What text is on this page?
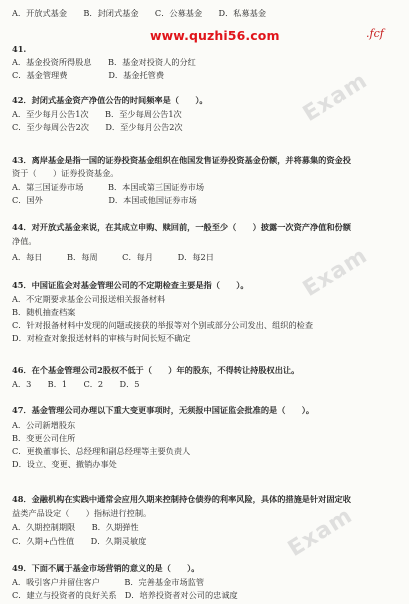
Exam
Exam
Exam
A．开放式基金　　B．封闭式基金　　C．公募基金　　D．私募基金
www.quzhi56.com	.fcf
41.
A．基金投资所得股息　　B．基金对投资人的分红
C．基金管理费　　　　　D．基金托管费
42．封闭式基金资产净值公告的时间频率是（　　）。
A．至少每月公告1次　　B．至少每周公告1次
C．至少每周公告2次　　D．至少每月公告2次
43．离岸基金是指一国的证券投资基金组织在他国发售证券投资基金份额，并将募集的资金投
资于（　　）证券投资基金。
A．第三国证券市场　　　B．本国或第三国证券市场
C．国外　　　　　　　　D．本国或他国证券市场
44．对开放式基金来说，在其成立申购、赎回前，一般至少（　　）披露一次资产净值和份额
净值。
A．每日　　　B．每周　　　C．每月　　　D．每2日
45．中国证监会对基金管理公司的不定期检查主要是指（　　）。
A．不定期要求基金公司报送相关报备材料
B．随机抽查档案
C．针对报备材料中发现的问题或接获的举报等对个别或部分公司发出、组织的检查
D．对检查对象报送材料的审核与时间长短不确定
46．在个基金管理公司2股权不低于（　　）年的股东，不得转让持股权出让。
A．3　　B．1　　C．2　　D．5
47．基金管理公司办理以下重大变更事项时，无须报中国证监会批准的是（　　）。
A．公司新增股东
B．变更公司住所
C．更换董事长、总经理和副总经理等主要负责人
D．设立、变更、撤销办事处
48．金融机构在实践中通常会应用久期来控制持仓债券的利率风险，具体的措施是针对固定收
益类产品设定（　　）指标进行控制。
A．久期控制期限　　B．久期弹性
C．久期+凸性值　　D．久期灵敏度
49．下面不属于基金市场营销的意义的是（　　）。
A．吸引客户并留住客户　　　B．完善基金市场监管
C．建立与投资者的良好关系　D．培养投资者对公司的忠诚度
